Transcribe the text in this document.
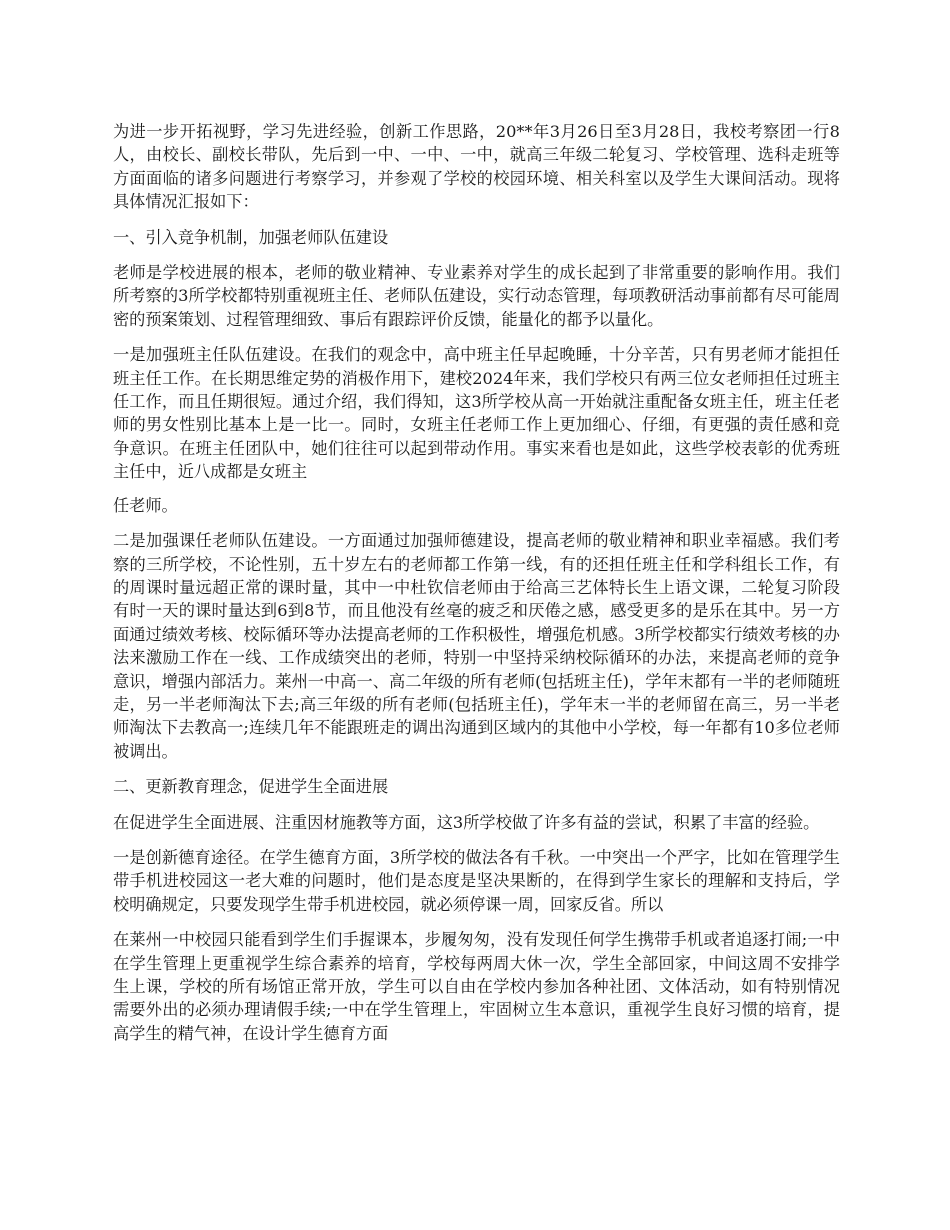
为进一步开拓视野，学习先进经验，创新工作思路，20**年3月26日至3月28日，我校考察团一行8人，由校长、副校长带队，先后到一中、一中、一中，就高三年级二轮复习、学校管理、选科走班等方面面临的诸多问题进行考察学习，并参观了学校的校园环境、相关科室以及学生大课间活动。现将具体情况汇报如下：

一、引入竞争机制，加强老师队伍建设

老师是学校进展的根本，老师的敬业精神、专业素养对学生的成长起到了非常重要的影响作用。我们所考察的3所学校都特别重视班主任、老师队伍建设，实行动态管理，每项教研活动事前都有尽可能周密的预案策划、过程管理细致、事后有跟踪评价反馈，能量化的都予以量化。

一是加强班主任队伍建设。在我们的观念中，高中班主任早起晚睡，十分辛苦，只有男老师才能担任班主任工作。在长期思维定势的消极作用下，建校2024年来，我们学校只有两三位女老师担任过班主任工作，而且任期很短。通过介绍，我们得知，这3所学校从高一开始就注重配备女班主任，班主任老师的男女性别比基本上是一比一。同时，女班主任老师工作上更加细心、仔细，有更强的责任感和竞争意识。在班主任团队中，她们往往可以起到带动作用。事实来看也是如此，这些学校表彰的优秀班主任中，近八成都是女班主

任老师。

二是加强课任老师队伍建设。一方面通过加强师德建设，提高老师的敬业精神和职业幸福感。我们考察的三所学校，不论性别，五十岁左右的老师都工作第一线，有的还担任班主任和学科组长工作，有的周课时量远超正常的课时量，其中一中杜钦信老师由于给高三艺体特长生上语文课，二轮复习阶段有时一天的课时量达到6到8节，而且他没有丝毫的疲乏和厌倦之感，感受更多的是乐在其中。另一方面通过绩效考核、校际循环等办法提高老师的工作积极性，增强危机感。3所学校都实行绩效考核的办法来激励工作在一线、工作成绩突出的老师，特别一中坚持采纳校际循环的办法，来提高老师的竞争意识，增强内部活力。莱州一中高一、高二年级的所有老师(包括班主任)，学年末都有一半的老师随班走，另一半老师淘汰下去;高三年级的所有老师(包括班主任)，学年末一半的老师留在高三，另一半老师淘汰下去教高一;连续几年不能跟班走的调出沟通到区域内的其他中小学校，每一年都有10多位老师被调出。

二、更新教育理念，促进学生全面进展

在促进学生全面进展、注重因材施教等方面，这3所学校做了许多有益的尝试，积累了丰富的经验。

一是创新德育途径。在学生德育方面，3所学校的做法各有千秋。一中突出一个严字，比如在管理学生带手机进校园这一老大难的问题时，他们是态度是坚决果断的，在得到学生家长的理解和支持后，学校明确规定，只要发现学生带手机进校园，就必须停课一周，回家反省。所以

在莱州一中校园只能看到学生们手握课本，步履匆匆，没有发现任何学生携带手机或者追逐打闹;一中在学生管理上更重视学生综合素养的培育，学校每两周大休一次，学生全部回家，中间这周不安排学生上课，学校的所有场馆正常开放，学生可以自由在学校内参加各种社团、文体活动，如有特别情况需要外出的必须办理请假手续;一中在学生管理上，牢固树立生本意识，重视学生良好习惯的培育，提高学生的精气神，在设计学生德育方面
